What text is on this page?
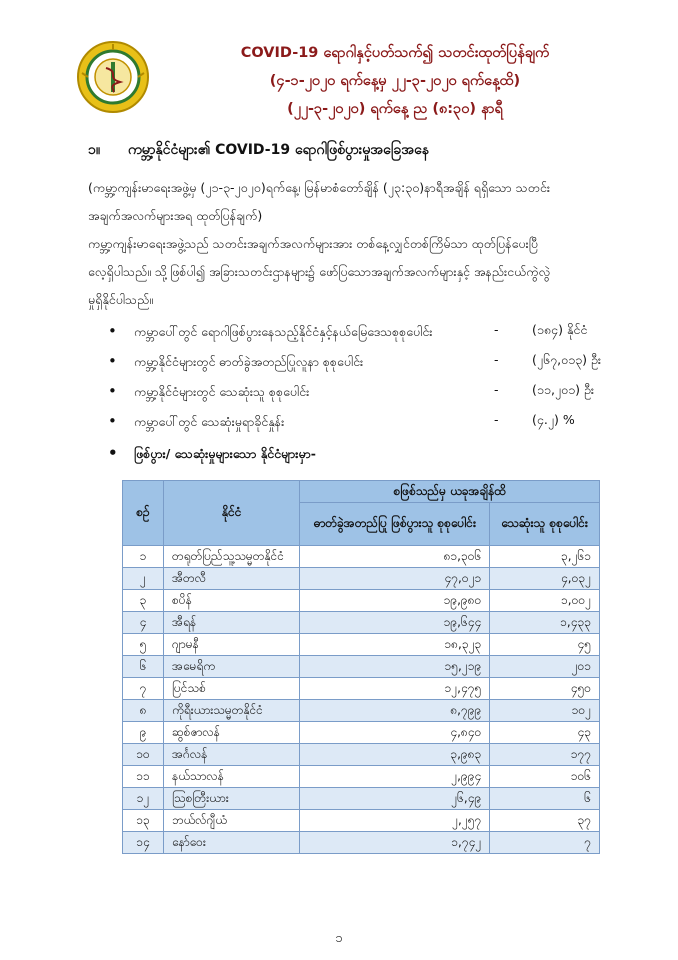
COVID-19 ရောဂါနှင့်ပတ်သက်၍ သတင်းထုတ်ပြန်ချက်
(၄-၁-၂၀၂၀ ရက်နေ့မှ ၂၂-၃-၂၀၂၀ ရက်နေ့ထိ)
(၂၂-၃-၂၀၂၀) ရက်နေ့ ည (၈:၃၀) နာရီ
၁။ ကမ္ဘာ့နိုင်ငံများ၏ COVID-19 ရောဂါဖြစ်ပွားမှုအခြေအနေ
(ကမ္ဘာ့ကျန်းမာရေးအဖွဲ့မှ (၂၁-၃-၂၀၂၀)ရက်နေ့၊ မြန်မာစံတော်ချိန် (၂၃:၃၀)နာရီအချိန် ရရှိသော သတင်း
အချက်အလက်များအရ ထုတ်ပြန်ချက်)
ကမ္ဘာ့ကျန်းမာရေးအဖွဲ့သည် သတင်းအချက်အလက်များအား တစ်နေ့လျှင်တစ်ကြိမ်သာ ထုတ်ပြန်ပေးပြီ
လေ့ရှိပါသည်။ သို့ဖြစ်ပါ၍ အခြားသတင်းဌာနများ၌ ဖော်ပြသောအချက်အလက်များနှင့် အနည်းငယ်ကွဲလွဲ
မှုရှိနိုင်ပါသည်။
• ကမ္ဘာပေါ်တွင် ရောဂါဖြစ်ပွားနေသည့်နိုင်ငံနှင့်နယ်မြေဒေသစုစုပေါင်း	-	(၁၈၄) နိုင်ငံ
• ကမ္ဘာ့နိုင်ငံများတွင် ဓာတ်ခွဲအတည်ပြုလူနာ စုစုပေါင်း	-	(၂၆၇,၀၁၃) ဦး
• ကမ္ဘာ့နိုင်ငံများတွင် သေဆုံးသူ စုစုပေါင်း	-	(၁၁,၂၀၁) ဦး
• ကမ္ဘာပေါ်တွင် သေဆုံးမှုရာခိုင်နှုန်း	-	(၄.၂) %
• ဖြစ်ပွား/ သေဆုံးမှုများသော နိုင်ငံများမှာ-
စဉ်	နိုင်ငံ	စဖြစ်သည်မှ ယခုအချိန်ထိ	
		ဓာတ်ခွဲအတည်ပြု ဖြစ်ပွားသူ စုစုပေါင်း	သေဆုံးသူ စုစုပေါင်း
၁	တရုတ်ပြည်သူ့သမ္မတနိုင်ငံ	၈၁,၃၀၆	၃,၂၆၁
၂	အီတလီ	၄၇,၀၂၁	၄,၀၃၂
၃	စပိန်	၁၉,၉၈၀	၁,၀၀၂
၄	အီရန်	၁၉,၆၄၄	၁,၄၃၃
၅	ဂျာမနီ	၁၈,၃၂၃	၄၅
၆	အမေရိက	၁၅,၂၁၉	၂၀၁
၇	ပြင်သစ်	၁၂,၄၇၅	၄၅၀
၈	ကိုရီးယားသမ္မတနိုင်ငံ	၈,၇၉၉	၁၀၂
၉	ဆွစ်ဇာလန်	၄,၈၄၀	၄၃
၁၀	အင်္ဂလန်	၃,၉၈၃	၁၇၇
၁၁	နယ်သာလန်	၂,၉၉၄	၁၀၆
၁၂	ဩစတြီးယား	၂၆,၄၉	၆
၁၃	ဘယ်လ်ဂျီယံ	၂,၂၅၇	၃၇
၁၄	နော်ဝေး	၁,၇၄၂	၇
၁
